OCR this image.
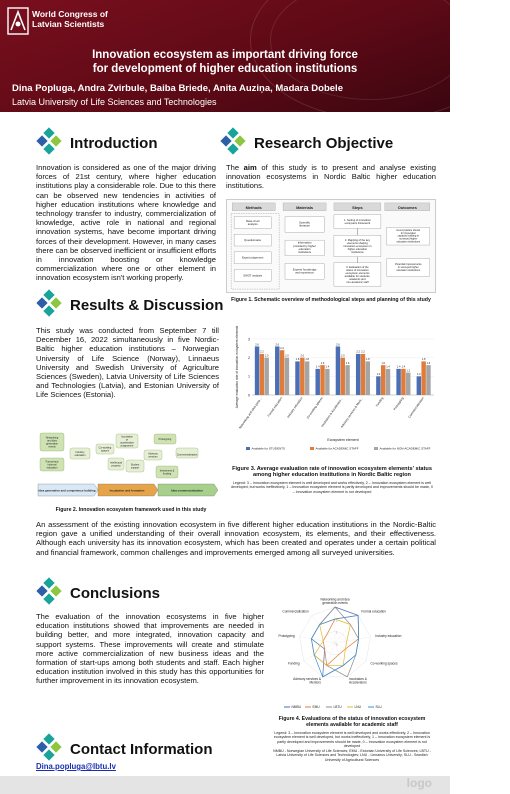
World Congress of
Latvian Scientists
Innovation ecosystem as important driving force
for development of higher education institutions
Dina Popluga, Andra Zvirbule, Baiba Briede, Anita Auziņa, Madara Dobele
Latvia University of Life Sciences and Technologies
Introduction
Innovation is considered as one of the major driving forces of 21st century, where higher education institutions play a considerable role. Due to this there can be observed new tendencies in activities of higher education institutions where knowledge and technology transfer to industry, commercialization of knowledge, active role in national and regional innovation systems, have become important driving forces of their development. However, in many cases there can be observed inefficient or insufficient efforts in innovation boosting or knowledge commercialization where one or other element in innovation ecosystem isn't working properly.
Research Objective
The aim of this study is to present and analyse existing innovation ecosystems in Nordic Baltic higher education institutions.
Methods	Materials	Steps	Outcomes
State-of-art
analysis
Questionnaire
Expert judgement
SWOT analysis
Scientific
literature
Information
provided by higher
education
institutions
Experts' knowledge
and experience
1. Setting of innovation
ecosystem framework
2. Mapping of the key
elements shaping
innovation ecosystem in
higher education
institutions
3. Evaluation of the
status of innovation
ecosystem elements
available for students,
academic and
non-academic staff
Good practice shown
for innovation
capacity building in
surveyed higher
education institutions
Potential improvements
in surveyed higher
education institutions
Figure 1. Schematic overview of methodological steps and planning of this study
Results & Discussion
This study was conducted from September 7 till December 16, 2022 simultaneously in five Nordic-Baltic higher education institutions – Norwegian University of Life Science (Norway), Linnaeus University and Swedish University of Agriculture Sciences (Sweden), Latvia University of Life Sciences and Technologies (Latvia), and Estonian University of Life Sciences (Estonia).
Networking
and idea
generation
events
Industry
education
Formal and
informal
education
Co-working
spaces
Incubation
or
acceleration
programme
Student
support
Prototyping
Commercialization
Intellectual
property
Advisory
services
Investment &
funding
Idea generation and competence building	Incubation and formation	Idea commercialization
Figure 2. Innovation ecosystem framework used in this study
0
1
2
3
Average evaluation rate of innovation ecosystem elements	2.6
2.2
2.0
Networking and idea gene…
2.6
2.4
2.0
Formal education
1.8
2.0
1.8
Industry education
1.4
1.6
1.4
Co-working spaces
2.6
2.0
1.6
Incubators & Accelerator…
2.2 2.2
1.8
Advisory services & Ment…
1.0
1.6
1.4
Funding
1.4 1.4
1.2
Prototyping
1.0
1.8
1.6
Commercialization
Ecosystem element
Available for STUDENTS	Available for ACADEMIC STAFF	Available for NON-ACADEMIC STAFF
Figure 3. Average evaluation rate of innovation ecosystem elements' status among higher education institutions in Nordic Baltic region
Legend: 3 – Innovation ecosystem element is well developed and works effectively, 2 – Innovation ecosystem element is well developed, but works ineffectively, 1 – Innovation ecosystem element is partly developed and improvements should be made, 0 – Innovation ecosystem element is not developed
An assessment of the existing innovation ecosystem in five different higher education institutions in the Nordic-Baltic region gave a unified understanding of their overall innovation ecosystem, its elements, and their effectiveness. Although each university has its innovation ecosystem, which has been created and operates under a certain political and financial framework, common challenges and improvements emerged among all surveyed universities.
Conclusions
The evaluation of the innovation ecosystems in five higher education institutions showed that improvements are needed in building better, and more integrated, innovation capacity and support systems. These improvements will create and stimulate more active commercialization of new business ideas and the formation of start-ups among both students and staff. Each higher education institution involved in this study has this opportunities for further improvement in its innovation ecosystem.
0
1
2
3
Networking and idea
generation events
Formal education
Industry education
Co-working spaces
Incubators &
Accelerators
Advisory services &
Mentors
Funding
Prototyping
Commercialization
NMBU	EMU	LBTU	LNU	SLU
Figure 4. Evaluations of the status of innovation ecosystem elements available for academic staff
Legend: 3 – Innovation ecosystem element is well developed and works effectively, 2 – Innovation ecosystem element is well developed, but works ineffectively, 1 – Innovation ecosystem element is partly developed and improvements should be made, 0 – Innovation ecosystem element is not developed
NMBU - Norwegian University of Life Sciences; EMU - Estonian University of Life Sciences; LBTU - Latvia University of Life Sciences and Technologies; LNU - Linnaeus University; SLU - Swedish University of Agricultural Sciences
Contact Information
Dina.popluga@lbtu.lv
logo
